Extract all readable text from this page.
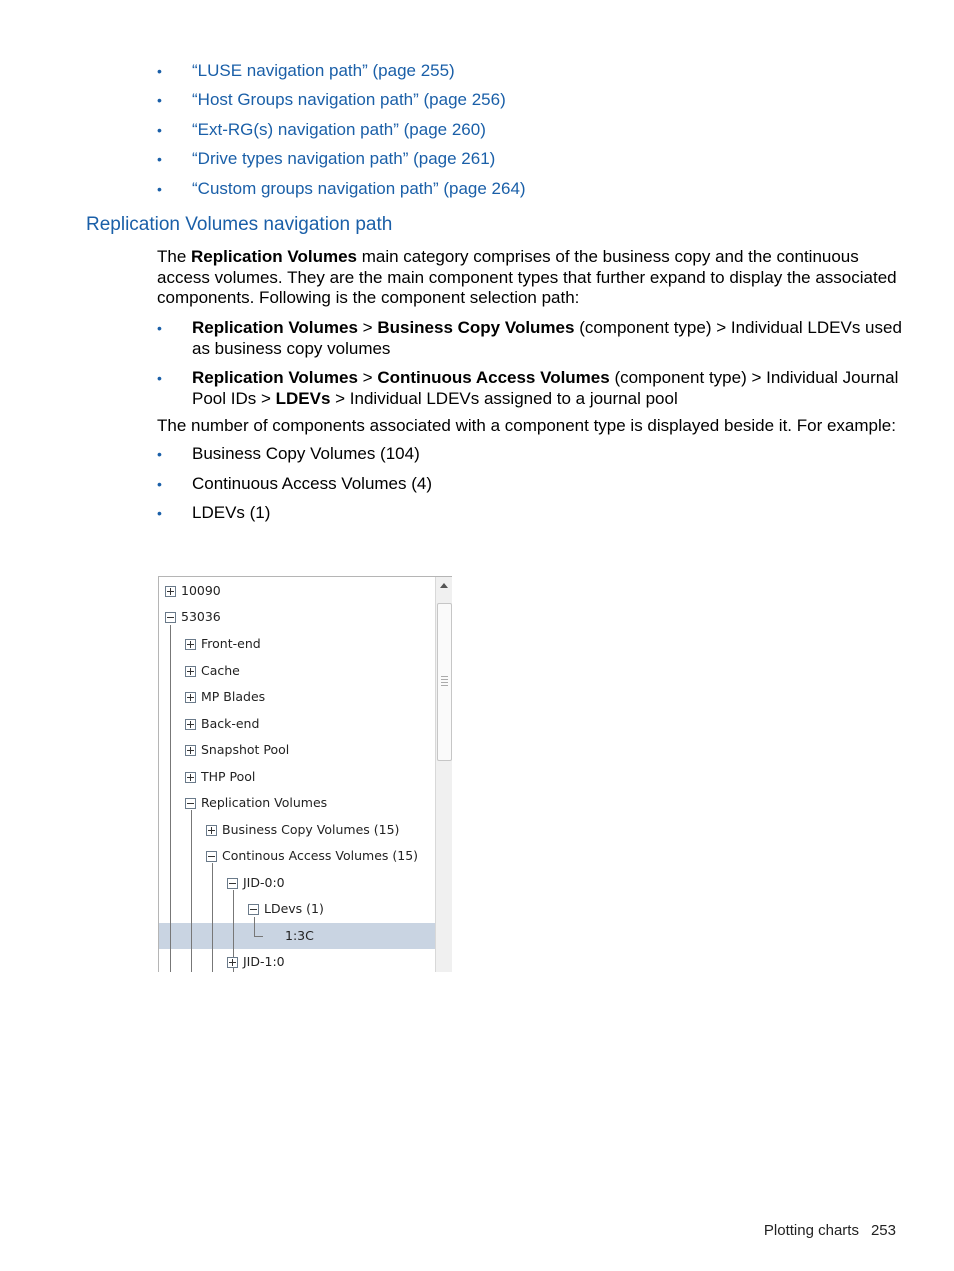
• “LUSE navigation path” (page 255)
• “Host Groups navigation path” (page 256)
• “Ext-RG(s) navigation path” (page 260)
• “Drive types navigation path” (page 261)
• “Custom groups navigation path” (page 264)
Replication Volumes navigation path
The Replication Volumes main category comprises of the business copy and the continuous access volumes. They are the main component types that further expand to display the associated components. Following is the component selection path:
•	Replication Volumes > Business Copy Volumes (component type) > Individual LDEVs used as business copy volumes
•	Replication Volumes > Continuous Access Volumes (component type) > Individual Journal Pool IDs > LDEVs > Individual LDEVs assigned to a journal pool
The number of components associated with a component type is displayed beside it. For example:
•	Business Copy Volumes (104)
•	Continuous Access Volumes (4)
•	LDEVs (1)
10090
53036
Front-end
Cache
MP Blades
Back-end
Snapshot Pool
THP Pool
Replication Volumes
Business Copy Volumes (15)
Continous Access Volumes (15)
JID-0:0
LDevs (1)
1:3C
JID-1:0
Plotting charts 253
